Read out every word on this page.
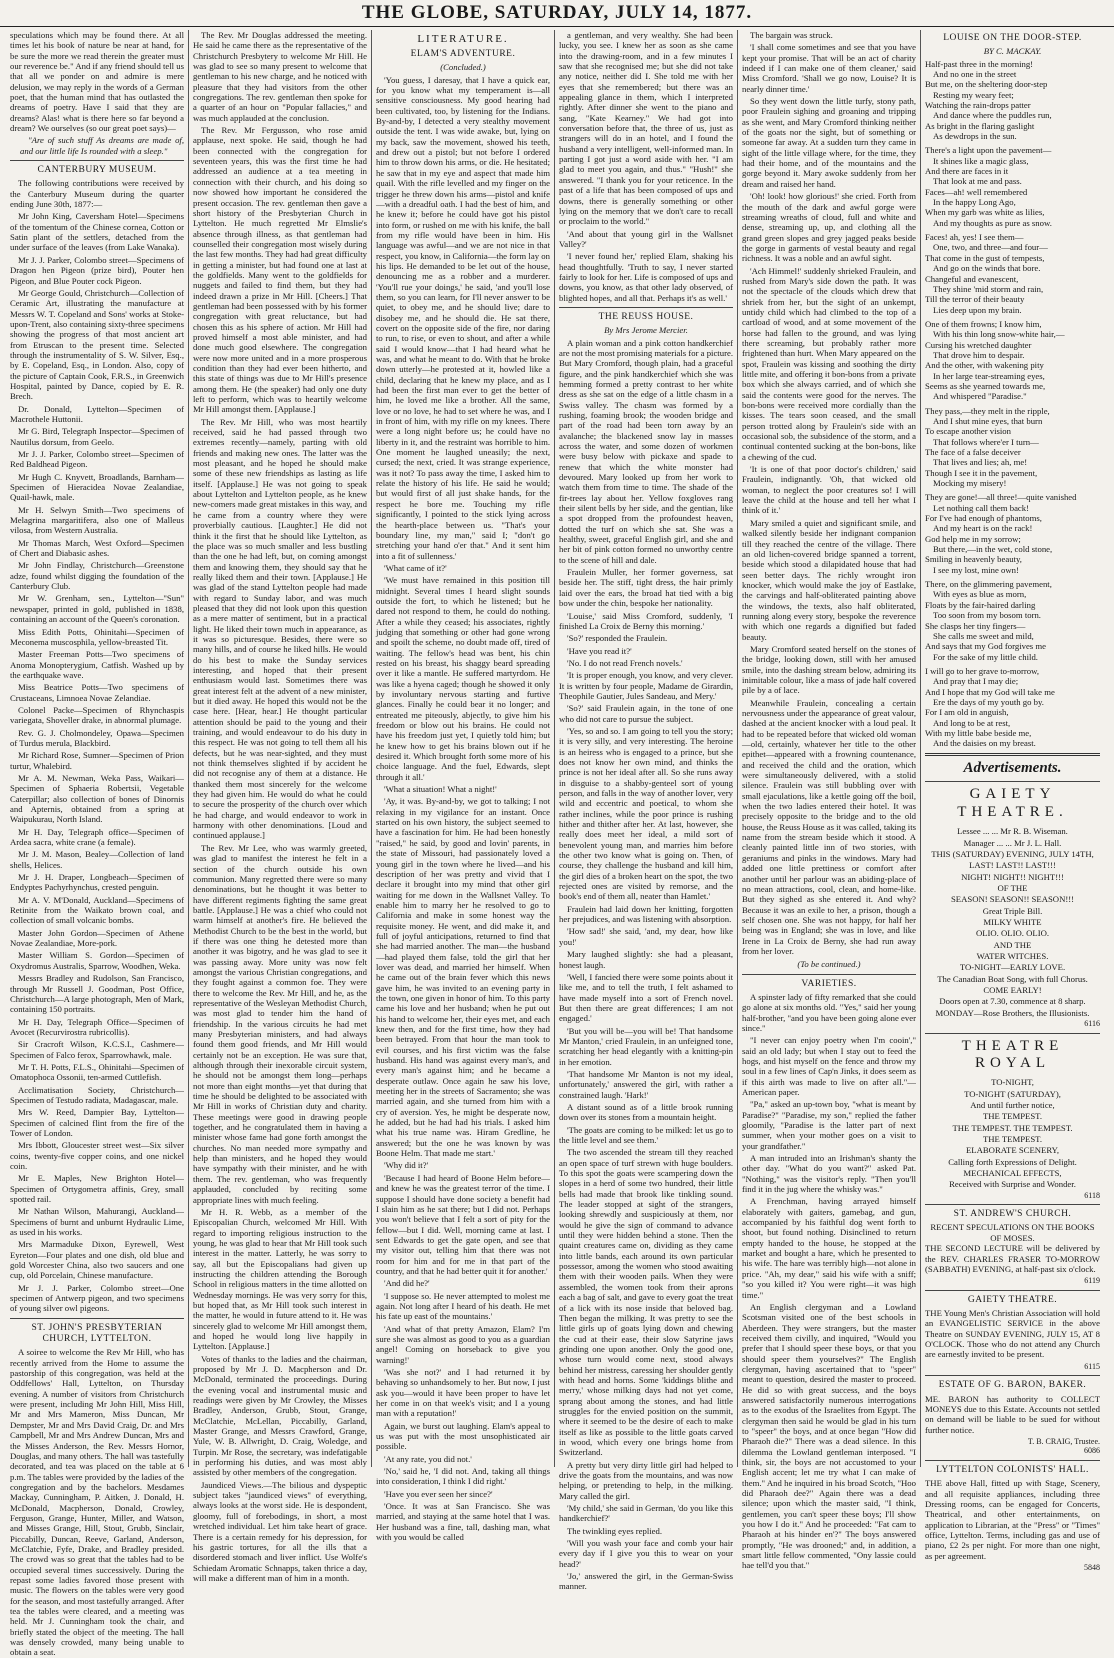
THE GLOBE, SATURDAY, JULY 14, 1877.

speculations which may be found there. At all times let his book of nature be near at hand, for be sure the more we read therein the greater must our reverence be." And if any friend should tell us that all we ponder on and admire is mere delusion, we may reply in the words of a German poet, that the human mind that has outlasted the dreams of poetry. Have I said that they are dreams? Alas! what is there here so far beyond a dream? We ourselves (so our great poet says)—

"Are of such stuff As dreams are made of, and our little life Is rounded with a sleep."

CANTERBURY MUSEUM.

The following contributions were received by the Canterbury Museum during the quarter ending June 30th, 1877:—

Mr John King, Caversham Hotel—Specimens of the tomentum of the Chinese cornea, Cotton or Satin plant of the settlers, detached from the under surface of the leaves (from Lake Wanaka).

Mr J. J. Parker, Colombo street—Specimens of Dragon hen Pigeon (prize bird), Pouter hen Pigeon, and Blue Pouter cock Pigeon.

Mr George Gould, Christchurch—Collection of Ceramic Art, illustrating the manufacture at Messrs W. T. Copeland and Sons' works at Stoke-upon-Trent, also containing sixty-three specimens showing the progress of that most ancient art from Etruscan to the present time. Selected through the instrumentality of S. W. Silver, Esq., by E. Copeland, Esq., in London. Also, copy of the picture of Captain Cook, F.R.S., in Greenwich Hospital, painted by Dance, copied by E. R. Brech.

Dr. Donald, Lyttelton—Specimen of Macrothele Huttonii.

Mr G. Bird, Telegraph Inspector—Specimen of Nautilus dorsum, from Geelo.

Mr J. J. Parker, Colombo street—Specimen of Red Baldhead Pigeon.

Mr Hugh C. Knyvett, Broadlands, Barnham—Specimen of Hieracidea Novae Zealandiae, Quail-hawk, male.

Mr H. Selwyn Smith—Two specimens of Melagrina margaritifera, also one of Malleus vilosa, from Western Australia.

Mr Thomas March, West Oxford—Specimen of Chert and Diabasic ashes.

Mr John Findlay, Christchurch—Greenstone adze, found whilst digging the foundation of the Canterbury Club.

Mr W. Grenham, sen., Lyttelton—"Sun" newspaper, printed in gold, published in 1838, containing an account of the Queen's coronation.

Miss Edith Potts, Ohinitahi—Specimen of Meconema muscosphila, yellow-breasted Tit.

Master Freeman Potts—Two specimens of Anoma Monopterygium, Catfish. Washed up by the earthquake wave.

Miss Beatrice Potts—Two specimens of Crustaceans, Limnoea Novae Zelandiae.

Colonel Packe—Specimen of Rhynchaspis variegata, Shoveller drake, in abnormal plumage.

Rev. G. J. Cholmondeley, Opawa—Specimen of Turdus merula, Blackbird.

Mr Richard Rose, Sumner—Specimen of Prion turtur, Whalebird.

Mr A. M. Newman, Weka Pass, Waikari—Specimen of Sphaeria Robertsii, Vegetable Caterpillar; also collection of bones of Dinornis and Apternis, obtained from a spring at Waipukurau, North Island.

Mr H. Day, Telegraph office—Specimen of Ardea sacra, white crane (a female).

Mr J. M. Mason, Bealey—Collection of land shells, Helices.

Mr J. H. Draper, Longbeach—Specimen of Endyptes Pachyrhynchus, crested penguin.

Mr A. V. M'Donald, Auckland—Specimens of Retinite from the Waikato brown coal, and collection of small volcanic bombs.

Master John Gordon—Specimen of Athene Novae Zealandiae, More-pork.

Master William S. Gordon—Specimen of Oxydromus Australis, Sparrow, Woodhen, Weka.

Messrs Bradley and Rudolson, San Francisco, through Mr Russell J. Goodman, Post Office, Christchurch—A large photograph, Men of Mark, containing 150 portraits.

Mr H. Day, Telegraph Office—Specimen of Avocet (Recurvirostra rubricollis).

Sir Cracroft Wilson, K.C.S.I., Cashmere—Specimen of Falco ferox, Sparrowhawk, male.

Mr T. H. Potts, F.L.S., Ohinitahi—Specimen of Omatophoca Ossonii, ten-armed Cuttlefish.

Acclimatisation Society, Christchurch—Specimen of Testudo radiata, Madagascar, male.

Mrs W. Reed, Dampier Bay, Lyttelton—Specimen of calcined flint from the fire of the Tower of London.

Mrs Ibbott, Gloucester street west—Six silver coins, twenty-five copper coins, and one nickel coin.

Mr E. Maples, New Brighton Hotel—Specimen of Ortygometra affinis, Grey, small spotted rail.

Mr Nathan Wilson, Mahurangi, Auckland—Specimens of burnt and unburnt Hydraulic Lime, as used in his works.

Mrs Marmaduke Dixon, Eyrewell, West Eyreton—Four plates and one dish, old blue and gold Worcester China, also two saucers and one cup, old Porcelain, Chinese manufacture.

Mr J. J. Parker, Colombo street—One specimen of Antwerp pigeon, and two specimens of young silver owl pigeons.

ST. JOHN'S PRESBYTERIAN CHURCH, LYTTELTON.

A soiree to welcome the Rev Mr Hill, who has recently arrived from the Home to assume the pastorship of this congregation, was held at the Oddfellows' Hall, Lyttelton, on Thursday evening. A number of visitors from Christchurch were present, including Mr John Hill, Miss Hill, Mr and Mrs Mameron, Miss Duncan, Mr Dempster, Mr and Mrs David Craig, Dr. and Mrs Campbell, Mr and Mrs Andrew Duncan, Mrs and the Misses Anderson, the Rev. Messrs Hornor, Douglas, and many others. The hall was tastefully decorated, and tea was placed on the table at 6 p.m. The tables were provided by the ladies of the congregation and by the bachelors. Mesdames Mackay, Cunningham, P. Aitken, J. Donald, H. McDonald, Macpherson, Donald, Crowley, Ferguson, Grange, Hunter, Miller, and Watson, and Misses Grange, Hill, Stout, Grubb, Sinclair, Piccabilly, Duncan, Reeve, Garland, Anderson, McClatchie, Fyfe, Drake, and Bradley presided. The crowd was so great that the tables had to be occupied several times successively. During the repast some ladies favored those present with music. The flowers on the tables were very good for the season, and most tastefully arranged. After tea the tables were cleared, and a meeting was held. Mr J. Cunningham took the chair, and briefly stated the object of the meeting. The hall was densely crowded, many being unable to obtain a seat.

The Rev. Mr Douglas addressed the meeting. He said he came there as the representative of the Christchurch Presbytery to welcome Mr Hill. He was glad to see so many present to welcome that gentleman to his new charge, and he noticed with pleasure that they had visitors from the other congregations. The rev. gentleman then spoke for a quarter of an hour on "Popular fallacies," and was much applauded at the conclusion.

The Rev. Mr Fergusson, who rose amid applause, next spoke. He said, though he had been connected with the congregation for seventeen years, this was the first time he had addressed an audience at a tea meeting in connection with their church, and his doing so now showed how important he considered the present occasion. The rev. gentleman then gave a short history of the Presbyterian Church in Lyttelton. He much regretted Mr Elmslie's absence through illness, as that gentleman had counselled their congregation most wisely during the last few months. They had had great difficulty in getting a minister, but had found one at last at the goldfields. Many went to the goldfields for nuggets and failed to find them, but they had indeed drawn a prize in Mr Hill. [Cheers.] That gentleman had been possessed with by his former congregation with great reluctance, but had chosen this as his sphere of action. Mr Hill had proved himself a most able minister, and had done much good elsewhere. The congregation were now more united and in a more prosperous condition than they had ever been hitherto, and this state of things was due to Mr Hill's presence among them. He (the speaker) had only one duty left to perform, which was to heartily welcome Mr Hill amongst them. [Applause.]

The Rev. Mr Hill, who was most heartily received, said he had passed through two extremes recently—namely, parting with old friends and making new ones. The latter was the most pleasant, and he hoped he should make some of these new friendships as lasting as life itself. [Applause.] He was not going to speak about Lyttelton and Lyttelton people, as he knew new-comers made great mistakes in this way, and he came from a country where they were proverbially cautious. [Laughter.] He did not think it the first that he should like Lyttelton, as the place was so much smaller and less bustling than the one he had left, but, on coming amongst them and knowing them, they should say that he really liked them and their town. [Applause.] He was glad of the stand Lyttelton people had made with regard to Sunday labor, and was much pleased that they did not look upon this question as a mere matter of sentiment, but in a practical light. He liked their town much in appearance, as it was so picturesque. Besides, there were so many hills, and of course he liked hills. He would do his best to make the Sunday services interesting, and hoped that their present enthusiasm would last. Sometimes there was great interest felt at the advent of a new minister, but it died away. He hoped this would not be the case here. [Hear, hear.] He thought particular attention should be paid to the young and their training, and would endeavour to do his duty in this respect. He was not going to tell them all his defects, but he was near-sighted, and they must not think themselves slighted if by accident he did not recognise any of them at a distance. He thanked them most sincerely for the welcome they had given him. He would do what he could to secure the prosperity of the church over which he had charge, and would endeavor to work in harmony with other denominations. [Loud and continued applause.]

The Rev. Mr Lee, who was warmly greeted, was glad to manifest the interest he felt in a section of the church outside his own communion. Many regretted there were so many denominations, but he thought it was better to have different regiments fighting the same great battle. [Applause.] He was a chief who could not warm himself at another's fire. He believed the Methodist Church to be the best in the world, but if there was one thing he detested more than another it was bigotry, and he was glad to see it was passing away. More unity was now felt amongst the various Christian congregations, and they fought against a common foe. They were there to welcome the Rev. Mr Hill, and he, as the representative of the Wesleyan Methodist Church, was most glad to tender him the hand of friendship. In the various circuits he had met many Presbyterian ministers, and had always found them good friends, and Mr Hill would certainly not be an exception. He was sure that, although through their inexorable circuit system, he should not be amongst them long—perhaps not more than eight months—yet that during that time he should be delighted to be associated with Mr Hill in works of Christian duty and charity. These meetings were good in drawing people together, and he congratulated them in having a minister whose fame had gone forth amongst the churches. No man needed more sympathy and help than ministers, and he hoped they would have sympathy with their minister, and he with them. The rev. gentleman, who was frequently applauded, concluded by reciting some appropriate lines with much feeling.

Mr H. R. Webb, as a member of the Episcopalian Church, welcomed Mr Hill. With regard to importing religious instruction to the young, he was glad to hear that Mr Hill took such interest in the matter. Latterly, he was sorry to say, all but the Episcopalians had given up instructing the children attending the Borough School in religious matters in the time allotted on Wednesday mornings. He was very sorry for this, but hoped that, as Mr Hill took such interest in the matter, he would in future attend to it. He was sincerely glad to welcome Mr Hill amongst them, and hoped he would long live happily in Lyttelton. [Applause.]

Votes of thanks to the ladies and the chairman, proposed by Mr J. D. Macpherson and Dr. McDonald, terminated the proceedings. During the evening vocal and instrumental music and readings were given by Mr Crowley, the Misses Bradley, Anderson, Grubb, Stout, Grange, McClatchie, McLellan, Piccabilly, Garland, Master Grange, and Messrs Crawford, Grange, Yule, W. B. Allwright, D. Craig, Woledge, and Turpin. Mr Rose, the secretary, was indefatigable in performing his duties, and was most ably assisted by other members of the congregation.

Jaundiced Views.—The bilious and dyspeptic subject takes "jaundiced views" of everything, always looks at the worst side. He is despondent, gloomy, full of forebodings, in short, a most wretched individual. Let him take heart of grace. There is a certain remedy for his depression, for his gastric tortures, for all the ills that a disordered stomach and liver inflict. Use Wolfe's Schiedam Aromatic Schnapps, taken thrice a day, will make a different man of him in a month.

LITERATURE.
ELAM'S ADVENTURE.
(Concluded.)

'You guess, I daresay, that I have a quick ear, for you know what my temperament is—all sensitive consciousness. My good hearing had been cultivated, too, by listening for the Indians. By-and-by, I detected a very stealthy movement outside the tent. I was wide awake, but, lying on my back, saw the movement, showed his teeth, and drew out a pistol; but not before I ordered him to throw down his arms, or die. He hesitated; he saw that in my eye and aspect that made him quail. With the rifle levelled and my finger on the trigger he threw down his arms—pistol and knife—with a dreadful oath. I had the best of him, and he knew it; before he could have got his pistol into form, or rushed on me with his knife, the ball from my rifle would have been in him. His language was awful—and we are not nice in that respect, you know, in California—the form lay on his lips. He demanded to be let out of the house, denouncing me as a robber and a murderer. 'You'll rue your doings,' he said, 'and you'll lose them, so you can learn, for I'll never answer to be quiet, to obey me, and he should live; dare to disobey me, and he should die. He sat there, covert on the opposite side of the fire, nor daring to run, to rise, or even to shout, and after a while said I would know—that I had heard what he was, and what he meant to do. With that he broke down utterly—he protested at it, howled like a child, declaring that he knew my place, and as I had been the first man ever to get the better of him, he loved me like a brother. All the same, love or no love, he had to set where he was, and I in front of him, with my rifle on my knees. There were a long night before us; he could have no liberty in it, and the restraint was horrible to him. One moment he laughed uneasily; the next, cursed; the next, cried. It was strange experience, was it not? To pass away the time, I asked him to relate the history of his life. He said he would; but would first of all just shake hands, for the respect he bore me. Touching my rifle significantly, I pointed to the stick lying across the hearth-place between us. "That's your boundary line, my man," said I; "don't go stretching your hand o'er that." And it sent him into a fit of sullenness.'

'What came of it?'

'We must have remained in this position till midnight. Several times I heard slight sounds outside the fort, to which he listened; but he dared not respond to them, he could do nothing. After a while they ceased; his associates, rightly judging that something or other had gone wrong and spoilt the scheme, no doubt made off, tired of waiting. The fellow's head was bent, his chin rested on his breast, his shaggy beard spreading over it like a mantle. He suffered martyrdom. He was like a hyena caged; though he showed it only by involuntary nervous starting and furtive glances. Finally he could bear it no longer; and entreated me piteously, abjectly, to give him his freedom or blow out his brains. He could not have his freedom just yet, I quietly told him; but he knew how to get his brains blown out if he desired it. Which brought forth some more of his choice language. And the fuel, Edwards, slept through it all.'

'What a situation! What a night!'

'Ay, it was. By-and-by, we got to talking; I not relaxing in my vigilance for an instant. Once started on his own history, the subject seemed to have a fascination for him. He had been honestly "raised," he said, by good and lovin' parents, in the state of Missouri, had passionately loved a young girl in the town where he lived—and his description of her was pretty and vivid that I declare it brought into my mind that other girl waiting for me down in the Wallsnet Valley. To enable him to marry her he resolved to go to California and make in some honest way the requisite money. He went, and did make it, and full of joyful anticipations, returned to find that she had married another. The man—the husband—had played them false, told the girl that her lover was dead, and married her himself. When he came out of the brain fever which this news gave him, he was invited to an evening party in the town, one given in honor of him. To this party came his love and her husband; when he put out his hand to welcome her, their eyes met, and each knew then, and for the first time, how they had been betrayed. From that hour the man took to evil courses, and his first victim was the false husband. His hand was against every man's, and every man's against him; and he became a desperate outlaw. Once again he saw his love, meeting her in the streets of Sacramento; she was married again, and she turned from him with a cry of aversion. Yes, he might be desperate now, he added, but he had had his trials. I asked him what his true name was. Hiram Gredline, he answered; but the one he was known by was Boone Helm. That made me start.'

'Why did it?'

'Because I had heard of Boone Helm before—and knew he was the greatest terror of the time. I suppose I should have done society a benefit had I slain him as he sat there; but I did not. Perhaps you won't believe that I felt a sort of pity for the fellow—but I did. Well, morning came at last. I sent Edwards to get the gate open, and see that my visitor out, telling him that there was not room for him and for me in that part of the country, and that he had better quit it for another.'

'And did he?'

'I suppose so. He never attempted to molest me again. Not long after I heard of his death. He met his fate up east of the mountains.'

'And what of that pretty Amazon, Elam? I'm sure she was almost as good to you as a guardian angel! Coming on horseback to give you warning!'

'Was she not?' and I had returned it by behaving so unhandsomely to her. But now, I just ask you—would it have been proper to have let her come in on that week's visit; and I a young man with a reputation!'

Again, we burst out laughing. Elam's appeal to us was put with the most unsophisticated air possible.

'At any rate, you did not.'

'No,' said he, 'I did not. And, taking all things into consideration, I think I did right.'

'Have you ever seen her since?'

'Once. It was at San Francisco. She was married, and staying at the same hotel that I was. Her husband was a fine, tall, dashing man, what with you would be called

a gentleman, and very wealthy. She had been lucky, you see. I knew her as soon as she came into the drawing-room, and in a few minutes I saw that she recognised me; but she did not take any notice, neither did I. She told me with her eyes that she remembered; but there was an appealing glance in them, which I interpreted rightly. After dinner she went to the piano and sang, "Kate Kearney." We had got into conversation before that, the three of us, just as strangers will do in an hotel, and I found the husband a very intelligent, well-informed man. In parting I got just a word aside with her. "I am glad to meet you again, and thus." "Hush!" she answered. "I thank you for your reticence. In the past of a life that has been composed of ups and downs, there is generally something or other lying on the memory that we don't care to recall or proclaim to the world."

'And about that young girl in the Wallsnet Valley?'

'I never found her,' replied Elam, shaking his head thoughtfully. 'Truth to say, I never started fairly to look for her. Life is composed of ups and downs, you know, as that other lady observed, of blighted hopes, and all that. Perhaps it's as well.'

THE REUSS HOUSE.
By Mrs Jerome Mercier.

A plain woman and a pink cotton handkerchief are not the most promising materials for a picture. But Mary Cromford, though plain, had a graceful figure, and the pink handkerchief which she was hemming formed a pretty contrast to her white dress as she sat on the edge of a little chasm in a Swiss valley. The chasm was formed by a rushing, foaming brook; the wooden bridge and part of the road had been torn away by an avalanche; the blackened snow lay in masses across the water, and some dozen of workmen were busy below with pickaxe and spade to renew that which the white monster had devoured. Mary looked up from her work to watch them from time to time. The shade of the fir-trees lay about her. Yellow foxgloves rang their silent bells by her side, and the gentian, like a spot dropped from the profoundest heaven, dotted the turf on which she sat. She was a healthy, sweet, graceful English girl, and she and her bit of pink cotton formed no unworthy centre to the scene of hill and dale.

Fraulein Muller, her former governess, sat beside her. The stiff, tight dress, the hair primly laid over the ears, the broad hat tied with a big bow under the chin, bespoke her nationality.

'Louise,' said Miss Cromford, suddenly, 'I finished La Croix de Berny this morning.'

'So?' responded the Fraulein.

'Have you read it?'

'No. I do not read French novels.'

'It is proper enough, you know, and very clever. It is written by four people, Madame de Girardin, Theophile Gautier, Jules Sandeau, and Mery.'

'So?' said Fraulein again, in the tone of one who did not care to pursue the subject.

'Yes, so and so. I am going to tell you the story; it is very silly, and very interesting. The heroine is an heiress who is engaged to a prince, but she does not know her own mind, and thinks the prince is not her ideal after all. So she runs away in disguise to a shabby-genteel sort of young person, and falls in the way of another lover, very wild and eccentric and poetical, to whom she rather inclines, while the poor prince is rushing hither and thither after her. At last, however, she really does meet her ideal, a mild sort of benevolent young man, and marries him before the other two know what is going on. Then, of course, they challenge the husband and kill him, the girl dies of a broken heart on the spot, the two rejected ones are visited by remorse, and the book's end of them all, neater than Hamlet.'

Fraulein had laid down her knitting, forgotten her prejudices, and was listening with absorption.

'How sad!' she said, 'and, my dear, how like you!'

Mary laughed slightly: she had a pleasant, honest laugh.

'Well, I fancied there were some points about it like me, and to tell the truth, I felt ashamed to have made myself into a sort of French novel. But then there are great differences; I am not engaged.'

'But you will be—you will be! That handsome Mr Manton,' cried Fraulein, in an unfeigned tone, scratching her head elegantly with a knitting-pin in her emotion.

'That handsome Mr Manton is not my ideal, unfortunately,' answered the girl, with rather a constrained laugh. 'Hark!'

A distant sound as of a little brook running down over its stones from a mountain height.

'The goats are coming to be milked: let us go to the little level and see them.'

The two ascended the stream till they reached an open space of turf strewn with huge boulders. To this spot the goats were scampering down the slopes in a herd of some two hundred, their little bells had made that brook like tinkling sound. The leader stopped at sight of the strangers, looking shrewdly and suspiciously at them, nor would he give the sign of command to advance until they were hidden behind a stone. Then the quaint creatures came on, dividing as they came into little bands, each around its own particular possessor, among the women who stood awaiting them with their wooden pails. When they were assembled, the women took from their aprons each a bag of salt, and gave to every goat the treat of a lick with its nose inside that beloved bag. Then began the milking. It was pretty to see the little girls up of goats lying down and chewing the cud at their ease, their slow Satyrine jaws grinding one upon another. Only the good one, whose turn would come next, stood always behind her mistress, caressing her shoulder gently with head and horns. Some 'kiddings blithe and merry,' whose milking days had not yet come, sprang about among the stones, and had little struggles for the envied position on the summit, where it seemed to be the desire of each to make itself as like as possible to the little goats carved in wood, which every one brings home from Switzerland.

A pretty but very dirty little girl had helped to drive the goats from the mountains, and was now helping, or pretending to help, in the milking. Mary called the girl.

'My child,' she said in German, 'do you like this handkerchief?'

The twinkling eyes replied.

'Will you wash your face and comb your hair every day if I give you this to wear on your head?'

'Jo,' answered the girl, in the German-Swiss manner.

The bargain was struck.

'I shall come sometimes and see that you have kept your promise. That will be an act of charity indeed if I can make one of them cleaner,' said Miss Cromford. 'Shall we go now, Louise? It is nearly dinner time.'

So they went down the little turfy, stony path, poor Fraulein sighing and groaning and tripping as she went, and Mary Cromford thinking neither of the goats nor the sight, but of something or someone far away. At a sudden turn they came in sight of the little village where, for the time, they had their home, and of the mountains and the gorge beyond it. Mary awoke suddenly from her dream and raised her hand.

'Oh! look! how glorious!' she cried. Forth from the mouth of the dark and awful gorge were streaming wreaths of cloud, full and white and dense, streaming up, up, and clothing all the grand green slopes and grey jagged peaks beside the gorge in garments of vestal beauty and regal richness. It was a noble and an awful sight.

'Ach Himmel!' suddenly shrieked Fraulein, and rushed from Mary's side down the path. It was not the spectacle of the clouds which drew that shriek from her, but the sight of an unkempt, untidy child which had climbed to the top of a cartload of wood, and at some movement of the horse had fallen to the ground, and was lying there screaming, but probably rather more frightened than hurt. When Mary appeared on the spot, Fraulein was kissing and soothing the dirty little mite, and offering it bon-bons from a private box which she always carried, and of which she said the contents were good for the nerves. The bon-bons were received more cordially than the kisses. The tears soon ceased, and the small person trotted along by Fraulein's side with an occasional sob, the subsidence of the storm, and a continual contented sucking at the bon-bons, like a chewing of the cud.

'It is one of that poor doctor's children,' said Fraulein, indignantly. 'Oh, that wicked old woman, to neglect the poor creatures so! I will leave the child at the house and tell her what I think of it.'

Mary smiled a quiet and significant smile, and walked silently beside her indignant companion till they reached the centre of the village. There an old lichen-covered bridge spanned a torrent, beside which stood a dilapidated house that had seen better days. The richly wrought iron knocker, which would make the joy of Eastlake, the carvings and half-obliterated painting above the windows, the texts, also half obliterated, running along every story, bespoke the reverence with which one regards a dignified but faded beauty.

Mary Cromford seated herself on the stones of the bridge, looking down, still with her amused smile, into the dashing stream below, admiring its inimitable colour, like a mass of jade half covered pile by a of lace.

Meanwhile Fraulein, concealing a certain nervousness under the appearance of great valour, dashed at the ancient knocker with a loud peal. It had to be repeated before that wicked old woman—old, certainly, whatever her title to the other epithet—appeared with a frowning countenance, and received the child and the oration, which were simultaneously delivered, with a stolid silence. Fraulein was still bubbling over with small ejaculations, like a kettle going off the boil, when the two ladies entered their hotel. It was precisely opposite to the bridge and to the old house, the Reuss House as it was called, taking its name from the stream beside which it stood. A cleanly painted little inn of two stories, with geraniums and pinks in the windows. Mary had added one little prettiness or comfort after another until her parlour was an abiding-place of no mean attractions, cool, clean, and home-like. But they sighed as she entered it. And why? Because it was an exile to her, a prison, though a self chosen one. She was not happy, for half her being was in England; she was in love, and like Irene in La Croix de Berny, she had run away from her lover.

(To be continued.)
VARIETIES.

A spinster lady of fifty remarked that she could go alone at six months old. "Yes," said her young half-brother, "and you have been going alone ever since."

"I never can enjoy poetry when I'm cooin'," said an old lady; but when I stay out to feed the hogs, and hist myself on the fence and throw my soul in a few lines of Cap'n Jinks, it does seem as if this airth was made to live on after all."—American paper.

"Pa," asked an up-town boy, "what is meant by Paradise?" "Paradise, my son," replied the father gloomily, "Paradise is the latter part of next summer, when your mother goes on a visit to your grandfather."

A man intruded into an Irishman's shanty the other day. "What do you want?" asked Pat. "Nothing," was the visitor's reply. "Then you'll find it in the jug where the whisky was."

A Frenchman, having arrayed himself elaborately with gaiters, gamebag, and gun, accompanied by his faithful dog went forth to shoot, but found nothing. Disinclined to return empty handed to the house, he stopped at the market and bought a hare, which he presented to his wife. The hare was terribly high—not alone in price. "Ah, my dear," said his wife with a sniff; "so you killed it? You were right—it was high time."

An English clergyman and a Lowland Scotsman visited one of the best schools in Aberdeen. They were strangers, but the master received them civilly, and inquired, "Would you prefer that I should speer these boys, or that you should speer them yourselves?" The English clergyman, having ascertained that to "speer" meant to question, desired the master to proceed. He did so with great success, and the boys answered satisfactorily numerous interrogations as to the exodus of the Israelites from Egypt. The clergyman then said he would be glad in his turn to "speer" the boys, and at once began "How did Pharaoh die?" There was a dead silence. In this dilemma the Lowland gentleman interposed. "I think, sir, the boys are not accustomed to your English accent; let me try what I can make of them." And he inquired in his broad Scotch, "Hoo did Pharaoh dee?" Again there was a dead silence; upon which the master said, "I think, gentlemen, you can't speer these boys; I'll show you how I do it." And he proceeded: "Fat cam to Pharaoh at his hinder en'?" The boys answered promptly, "He was drooned;" and, in addition, a smart little fellow commented, "Ony lassie could hae tell'd you that."

LOUISE ON THE DOOR-STEP.
BY C. MACKAY.

Half-past three in the morning!

And no one in the street

But me, on the sheltering door-step

Resting my weary feet;

Watching the rain-drops patter

And dance where the puddles run,

As bright in the flaring gaslight

As dewdrops in the sun.

There's a light upon the pavement—

It shines like a magic glass,

And there are faces in it

That look at me and pass.

Faces—ah! well remembered

In the happy Long Ago,

When my garb was white as lilies,

And my thoughts as pure as snow.

Faces! ah, yes! I see them—

One, two, and three—and four—

That come in the gust of tempests,

And go on the winds that bore.

Changeful and evanescent,

They shine 'mid storm and rain,

Till the terror of their beauty

Lies deep upon my brain.

One of them frowns; I know him,

With his thin long snow-white hair,—

Cursing his wretched daughter

That drove him to despair.

And the other, with wakening pity

In her large tear-streaming eyes,

Seems as she yearned towards me,

And whispered "Paradise."

They pass,—they melt in the ripple,

And I shut mine eyes, that burn

To escape another vision

That follows where'er I turn—

The face of a false deceiver

That lives and lies; ah, me!

Though I see it in the pavement,

Mocking my misery!

They are gone!—all three!—quite vanished

Let nothing call them back!

For I've had enough of phantoms,

And my heart is on the rack!

God help me in my sorrow;

But there,—in the wet, cold stone,

Smiling in heavenly beauty,

I see my lost, mine own!

There, on the glimmering pavement,

With eyes as blue as morn,

Floats by the fair-haired darling

Too soon from my bosom torn.

She clasps her tiny fingers—

She calls me sweet and mild,

And says that my God forgives me

For the sake of my little child.

I will go to her grave to-morrow,

And pray that I may die;

And I hope that my God will take me

Ere the days of my youth go by.

For I am old in anguish,

And long to be at rest,

With my little babe beside me,

And the daisies on my breast.

Advertisements.
GAIETY THEATRE.
Lessee ... ... Mr R. B. Wiseman.
Manager ... ... Mr J. L. Hall.
THIS (SATURDAY) EVENING, JULY 14TH,
LAST! LAST!! LAST!!!
NIGHT! NIGHT!! NIGHT!!!
OF THE
SEASON! SEASON!! SEASON!!!
Great Triple Bill.
MILKY WHITE
OLIO. OLIO. OLIO.
AND THE
WATER WITCHES.
TO-NIGHT—EARLY LOVE.
The Canadian Boat Song, with full Chorus.
COME EARLY!
Doors open at 7.30, commence at 8 sharp.
MONDAY—Rose Brothers, the Illusionists.
6116
THEATRE ROYAL
TO-NIGHT,
TO-NIGHT (SATURDAY),
And until further notice,
THE TEMPEST.
THE TEMPEST. THE TEMPEST.
THE TEMPEST.
ELABORATE SCENERY,
Calling forth Expressions of Delight.
MECHANICAL EFFECTS,
Received with Surprise and Wonder.
6118
ST. ANDREW'S CHURCH.
RECENT SPECULATIONS ON THE BOOKS OF MOSES.

THE SECOND LECTURE will be delivered by the REV. CHARLES FRASER TO-MORROW (SABBATH) EVENING, at half-past six o'clock.

6119
GAIETY THEATRE.

THE Young Men's Christian Association will hold an EVANGELISTIC SERVICE in the above Theatre on SUNDAY EVENING, JULY 15, AT 8 O'CLOCK. Those who do not attend any Church are earnestly invited to be present.

6115
ESTATE OF G. BARON, BAKER.

ME. BARON has authority to COLLECT MONEYS due to this Estate. Accounts not settled on demand will be liable to be sued for without further notice.

T. B. CRAIG, Trustee.
6086
LYTTELTON COLONISTS' HALL.

THE above Hall, fitted up with Stage, Scenery, and all requisite appliances, including three Dressing rooms, can be engaged for Concerts, Theatrical, and other entertainments, on application to Librarian, at the "Press" or "Times" office, Lyttelton. Terms, including gas and use of piano, £2 2s per night. For more than one night, as per agreement.

5848
